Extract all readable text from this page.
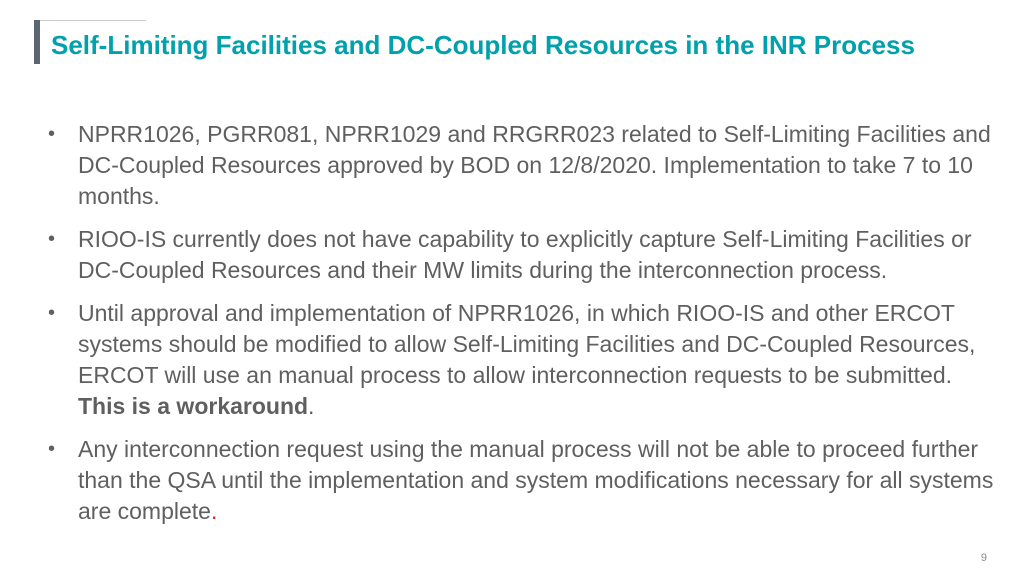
Self-Limiting Facilities and DC-Coupled Resources in the INR Process
• NPRR1026, PGRR081, NPRR1029 and RRGRR023 related to Self-Limiting Facilities and DC-Coupled Resources approved by BOD on 12/8/2020. Implementation to take 7 to 10 months.
• RIOO-IS currently does not have capability to explicitly capture Self-Limiting Facilities or DC-Coupled Resources and their MW limits during the interconnection process.
• Until approval and implementation of NPRR1026, in which RIOO-IS and other ERCOT systems should be modified to allow Self-Limiting Facilities and DC-Coupled Resources, ERCOT will use an manual process to allow interconnection requests to be submitted.  This is a workaround.
• Any interconnection request using the manual process will not be able to proceed further than the QSA until the implementation and system modifications necessary for all systems are complete.
9
